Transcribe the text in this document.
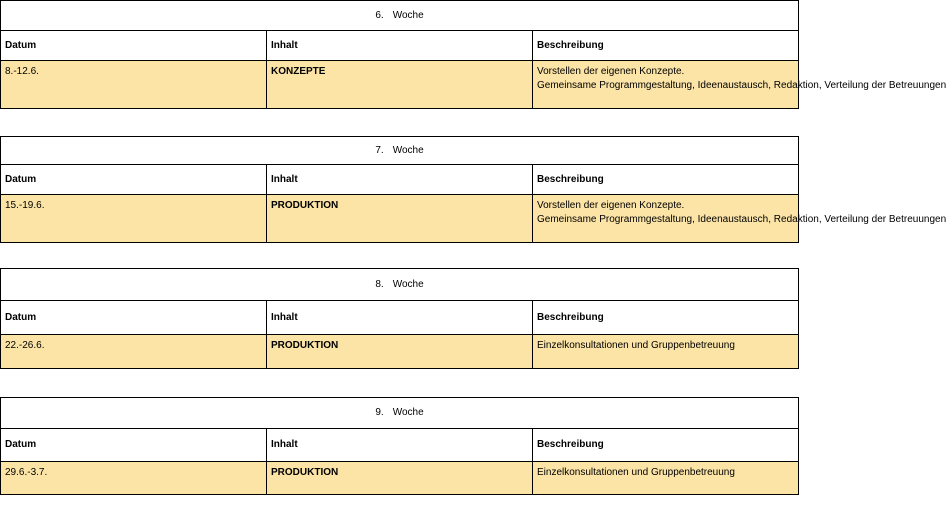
6. Woche		
Datum	Inhalt	Beschreibung
8.-12.6.	KONZEPTE	Vorstellen der eigenen Konzepte.
Gemeinsame Programmgestaltung, Ideenaustausch, Redaktion, Verteilung der Betreuungen
7. Woche		
Datum	Inhalt	Beschreibung
15.-19.6.	PRODUKTION	Vorstellen der eigenen Konzepte.
Gemeinsame Programmgestaltung, Ideenaustausch, Redaktion, Verteilung der Betreuungen
8. Woche		
Datum	Inhalt	Beschreibung
22.-26.6.	PRODUKTION	Einzelkonsultationen und Gruppenbetreuung
9. Woche		
Datum	Inhalt	Beschreibung
29.6.-3.7.	PRODUKTION	Einzelkonsultationen und Gruppenbetreuung
